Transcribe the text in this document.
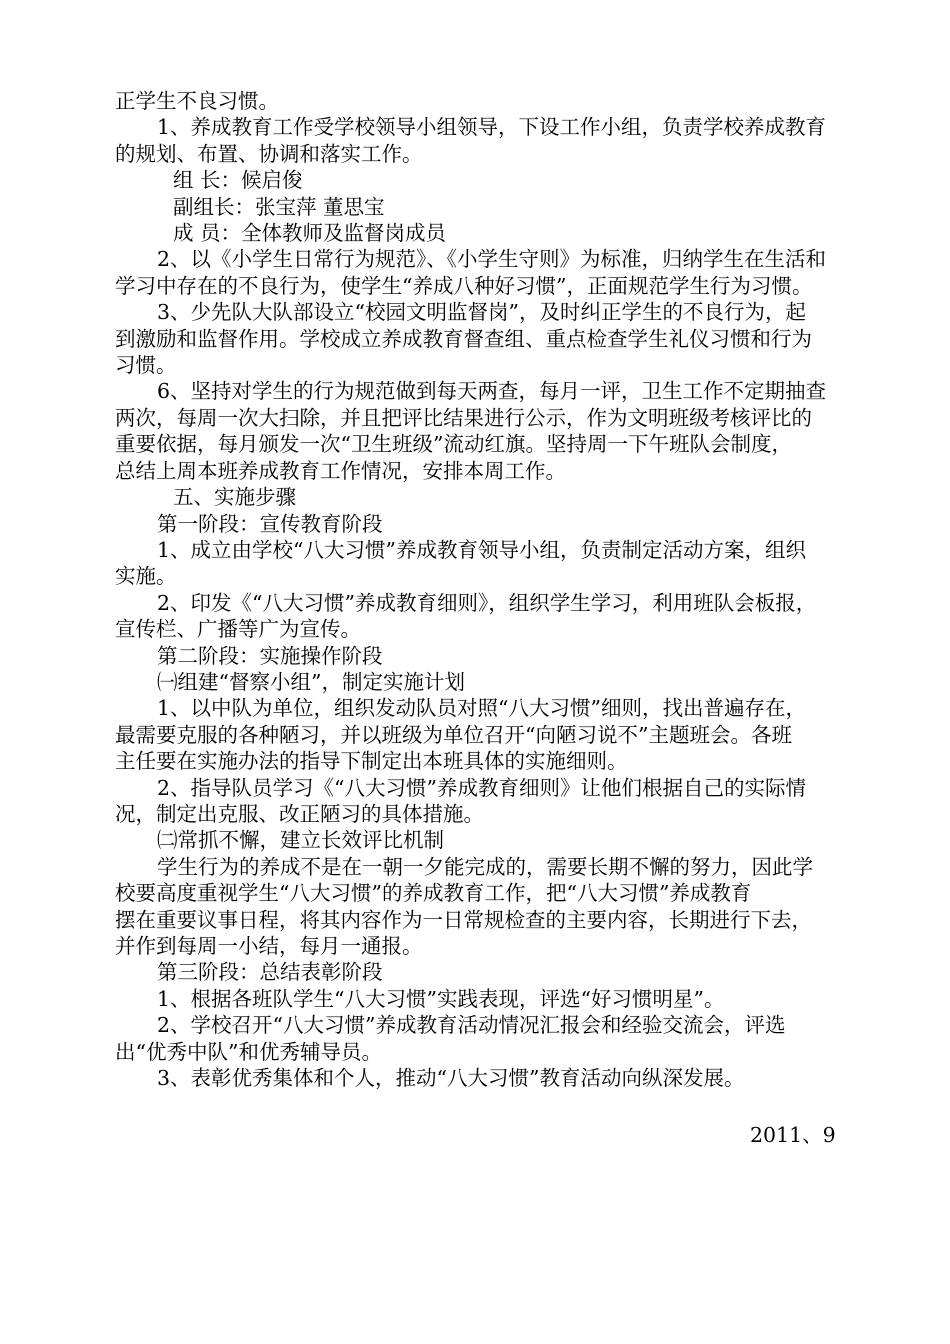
正学生不良习惯。
1、养成教育工作受学校领导小组领导，下设工作小组，负责学校养成教育
的规划、布置、协调和落实工作。
组 长：候启俊
副组长：张宝萍 董思宝
成 员：全体教师及监督岗成员
2、以《小学生日常行为规范》、《小学生守则》为标准，归纳学生在生活和
学习中存在的不良行为，使学生“养成八种好习惯”，正面规范学生行为习惯。
3、少先队大队部设立“校园文明监督岗”，及时纠正学生的不良行为，起
到激励和监督作用。学校成立养成教育督查组、重点检查学生礼仪习惯和行为
习惯。
6、坚持对学生的行为规范做到每天两查，每月一评，卫生工作不定期抽查
两次，每周一次大扫除，并且把评比结果进行公示，作为文明班级考核评比的
重要依据，每月颁发一次“卫生班级”流动红旗。坚持周一下午班队会制度，
总结上周本班养成教育工作情况，安排本周工作。
五、实施步骤
第一阶段：宣传教育阶段
1、成立由学校“八大习惯”养成教育领导小组，负责制定活动方案，组织
实施。
2、印发《“八大习惯”养成教育细则》，组织学生学习，利用班队会板报，
宣传栏、广播等广为宣传。
第二阶段：实施操作阶段
㈠组建“督察小组”，制定实施计划
1、以中队为单位，组织发动队员对照“八大习惯”细则，找出普遍存在，
最需要克服的各种陋习，并以班级为单位召开“向陋习说不”主题班会。各班
主任要在实施办法的指导下制定出本班具体的实施细则。
2、指导队员学习《“八大习惯”养成教育细则》让他们根据自己的实际情
况，制定出克服、改正陋习的具体措施。
㈡常抓不懈，建立长效评比机制
学生行为的养成不是在一朝一夕能完成的，需要长期不懈的努力，因此学
校要高度重视学生“八大习惯”的养成教育工作，把“八大习惯”养成教育
摆在重要议事日程，将其内容作为一日常规检查的主要内容，长期进行下去，
并作到每周一小结，每月一通报。
第三阶段：总结表彰阶段
1、根据各班队学生“八大习惯”实践表现，评选“好习惯明星”。
2、学校召开“八大习惯”养成教育活动情况汇报会和经验交流会，评选
出“优秀中队”和优秀辅导员。
3、表彰优秀集体和个人，推动“八大习惯”教育活动向纵深发展。
2011、9
